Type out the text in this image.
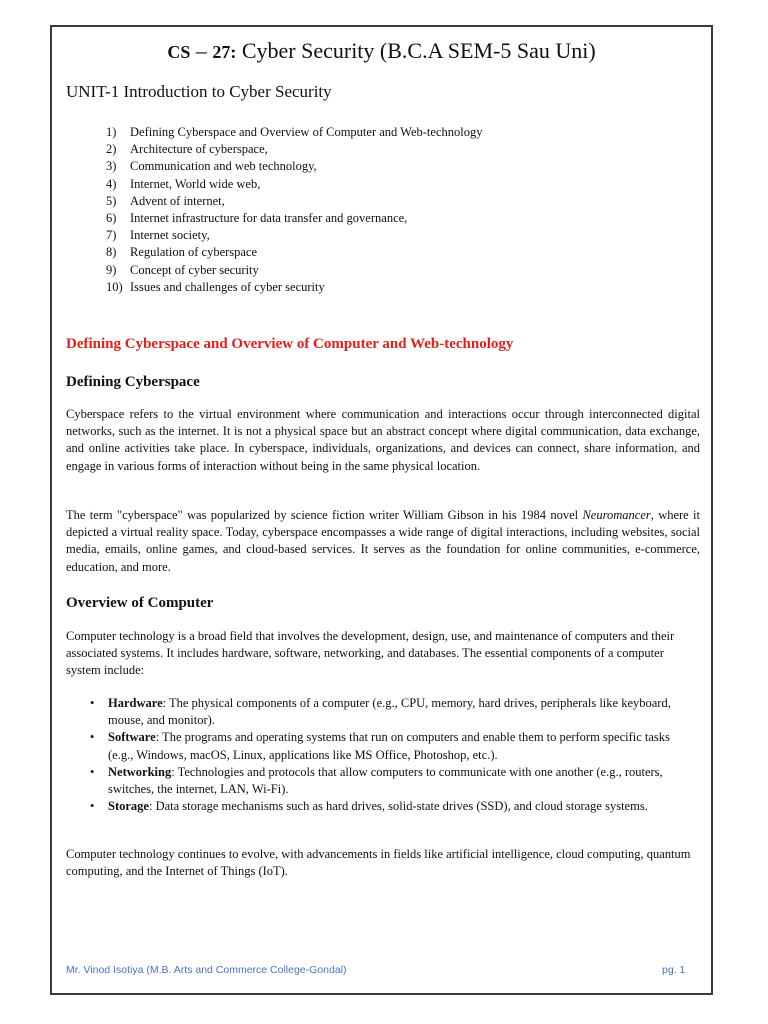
CS – 27: Cyber Security (B.C.A SEM-5 Sau Uni)
UNIT-1 Introduction to Cyber Security
1) Defining Cyberspace and Overview of Computer and Web-technology
2) Architecture of cyberspace,
3) Communication and web technology,
4) Internet, World wide web,
5) Advent of internet,
6) Internet infrastructure for data transfer and governance,
7) Internet society,
8) Regulation of cyberspace
9) Concept of cyber security
10) Issues and challenges of cyber security
Defining Cyberspace and Overview of Computer and Web-technology
Defining Cyberspace

Cyberspace refers to the virtual environment where communication and interactions occur through interconnected digital networks, such as the internet. It is not a physical space but an abstract concept where digital communication, data exchange, and online activities take place. In cyberspace, individuals, organizations, and devices can connect, share information, and engage in various forms of interaction without being in the same physical location.

The term "cyberspace" was popularized by science fiction writer William Gibson in his 1984 novel Neuromancer, where it depicted a virtual reality space. Today, cyberspace encompasses a wide range of digital interactions, including websites, social media, emails, online games, and cloud-based services. It serves as the foundation for online communities, e-commerce, education, and more.

Overview of Computer

Computer technology is a broad field that involves the development, design, use, and maintenance of computers and their associated systems. It includes hardware, software, networking, and databases. The essential components of a computer system include:

• Hardware: The physical components of a computer (e.g., CPU, memory, hard drives, peripherals like keyboard, mouse, and monitor).
• Software: The programs and operating systems that run on computers and enable them to perform specific tasks (e.g., Windows, macOS, Linux, applications like MS Office, Photoshop, etc.).
• Networking: Technologies and protocols that allow computers to communicate with one another (e.g., routers, switches, the internet, LAN, Wi-Fi).
• Storage: Data storage mechanisms such as hard drives, solid-state drives (SSD), and cloud storage systems.

Computer technology continues to evolve, with advancements in fields like artificial intelligence, cloud computing, quantum computing, and the Internet of Things (IoT).

Mr. Vinod Isotiya (M.B. Arts and Commerce College-Gondal)	pg. 1
